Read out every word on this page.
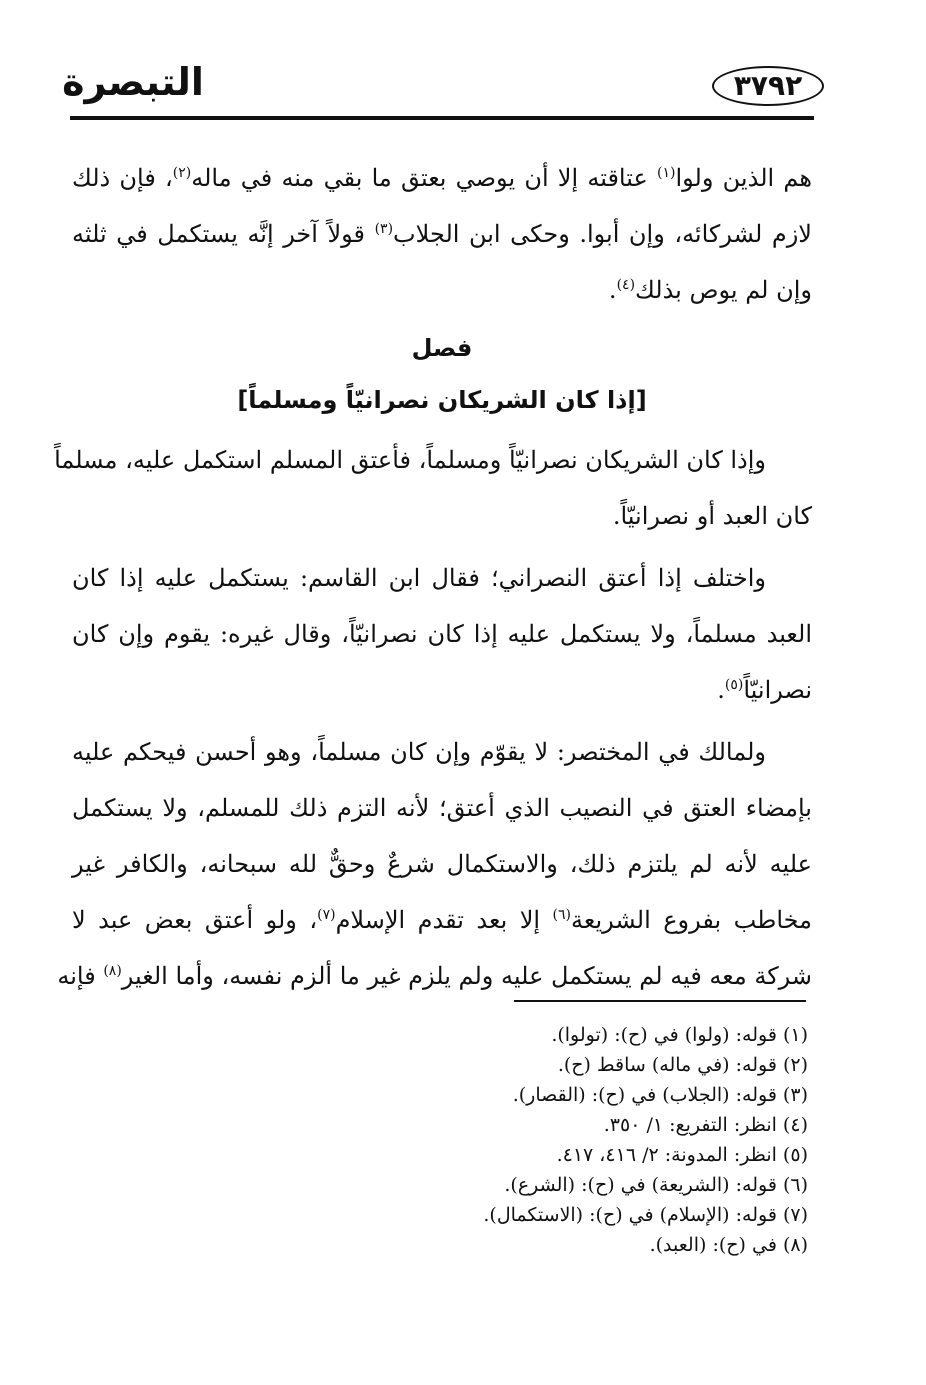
التبصرة	٣٧٩٢
هم الذين ولوا$^{(١)}$ عتاقته إلا أن يوصي بعتق ما بقي منه في ماله$^{(٢)}$، فإن ذلك
لازم لشركائه، وإن أبوا. وحكى ابن الجلاب$^{(٣)}$ قولاً آخر إنَّه يستكمل في ثلثه
وإن لم يوص بذلك$^{(٤)}$.
فصل
[إذا كان الشريكان نصرانيّاً ومسلماً]
وإذا كان الشريكان نصرانيّاً ومسلماً، فأعتق المسلم استكمل عليه، مسلماً
كان العبد أو نصرانيّاً.
واختلف إذا أعتق النصراني؛ فقال ابن القاسم: يستكمل عليه إذا كان
العبد مسلماً، ولا يستكمل عليه إذا كان نصرانيّاً، وقال غيره: يقوم وإن كان
نصرانيّاً$^{(٥)}$.
ولمالك في المختصر: لا يقوّم وإن كان مسلماً، وهو أحسن فيحكم عليه
بإمضاء العتق في النصيب الذي أعتق؛ لأنه التزم ذلك للمسلم، ولا يستكمل
عليه لأنه لم يلتزم ذلك، والاستكمال شرعٌ وحقٌّ لله سبحانه، والكافر غير
مخاطب بفروع الشريعة$^{(٦)}$ إلا بعد تقدم الإسلام$^{(٧)}$، ولو أعتق بعض عبد لا
شركة معه فيه لم يستكمل عليه ولم يلزم غير ما ألزم نفسه، وأما الغير$^{(٨)}$ فإنه
(١) قوله: (ولوا) في (ح): (تولوا).
(٢) قوله: (في ماله) ساقط (ح).
(٣) قوله: (الجلاب) في (ح): (القصار).
(٤) انظر: التفريع: ١/ ٣٥٠.
(٥) انظر: المدونة: ٢/ ٤١٦، ٤١٧.
(٦) قوله: (الشريعة) في (ح): (الشرع).
(٧) قوله: (الإسلام) في (ح): (الاستكمال).
(٨) في (ح): (العبد).
